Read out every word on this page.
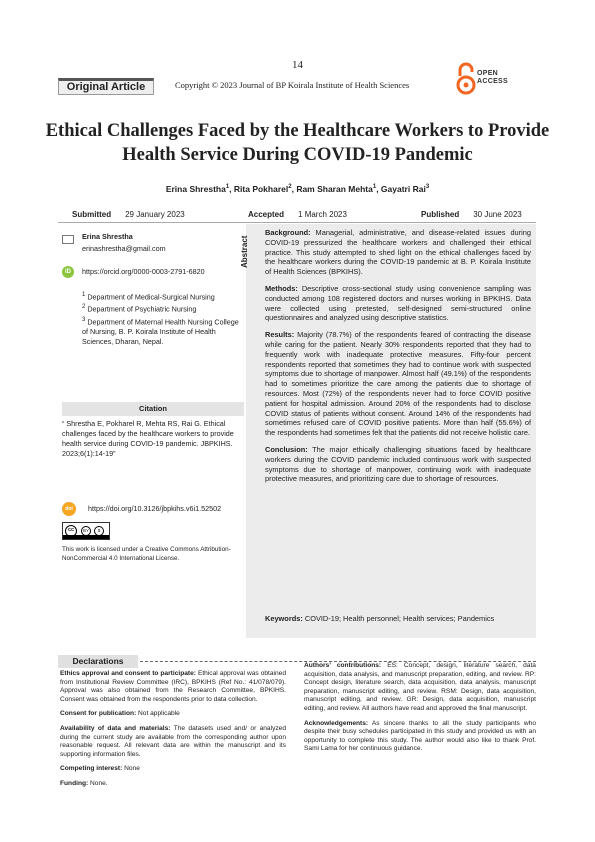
14
Original Article	Copyright © 2023 Journal of BP Koirala Institute of Health Sciences
OPEN
ACCESS
Ethical Challenges Faced by the Healthcare Workers to Provide Health Service During COVID-19 Pandemic
Erina Shrestha$^1$, Rita Pokharel$^2$, Ram Sharan Mehta$^1$, Gayatri Rai$^3$
Submitted 29 January 2023	Accepted 1 March 2023	Published 30 June 2023
Erina Shrestha
erinashrestha@gmail.com
iD	https://orcid.org/0000-0003-2791-6820
$^1$ Department of Medical-Surgical Nursing
$^2$ Department of Psychiatric Nursing
$^3$ Department of Maternal Health Nursing College of Nursing, B. P. Koirala Institute of Health Sciences, Dharan, Nepal.
Citation
“ Shrestha E, Pokharel R, Mehta RS, Rai G. Ethical challenges faced by the healthcare workers to provide health service during COVID-19 pandemic. JBPKIHS. 2023;6(1):14-19”
doi	https://doi.org/10.3126/jbpkihs.v6i1.52502
cc	BY	$
This work is licensed under a Creative Commons Attribution-NonCommercial 4.0 International License.
Abstract

Background: Managerial, administrative, and disease-related issues during COVID-19 pressurized the healthcare workers and challenged their ethical practice. This study attempted to shed light on the ethical challenges faced by the healthcare workers during the COVID-19 pandemic at B. P. Koirala Institute of Health Sciences (BPKIHS).

Methods: Descriptive cross-sectional study using convenience sampling was conducted among 108 registered doctors and nurses working in BPKIHS. Data were collected using pretested, self-designed semi-structured online questionnaires and analyzed using descriptive statistics.

Results: Majority (78.7%) of the respondents feared of contracting the disease while caring for the patient. Nearly 30% respondents reported that they had to frequently work with inadequate protective measures. Fifty-four percent respondents reported that sometimes they had to continue work with suspected symptoms due to shortage of manpower. Almost half (49.1%) of the respondents had to sometimes prioritize the care among the patients due to shortage of resources. Most (72%) of the respondents never had to force COVID positive patient for hospital admission. Around 20% of the respondents had to disclose COVID status of patients without consent. Around 14% of the respondents had sometimes refused care of COVID positive patients. More than half (55.6%) of the respondents had sometimes felt that the patients did not receive holistic care.

Conclusion: The major ethically challenging situations faced by healthcare workers during the COVID pandemic included continuous work with suspected symptoms due to shortage of manpower, continuing work with inadequate protective measures, and prioritizing care due to shortage of resources.

Keywords: COVID-19; Health personnel; Health services; Pandemics
Declarations

Ethics approval and consent to participate: Ethical approval was obtained from Institutional Review Committee (IRC), BPKIHS (Ref No.: 41/078/079). Approval was also obtained from the Research Committee, BPKIHS. Consent was obtained from the respondents prior to data collection.

Consent for publication: Not applicable

Availability of data and materials: The datasets used and/ or analyzed during the current study are available from the corresponding author upon reasonable request. All relevant data are within the manuscript and its supporting information files.

Competing interest: None

Funding: None.

Authors’ contributions: ES: Concept, design, literature search, data acquisition, data analysis, and manuscript preparation, editing, and review. RP: Concept design, literature search, data acquisition, data analysis, manuscript preparation, manuscript editing, and review. RSM: Design, data acquisition, manuscript editing, and review. GR: Design, data acquisition, manuscript editing, and review. All authors have read and approved the final manuscript.

Acknowledgements: As sincere thanks to all the study participants who despite their busy schedules participated in this study and provided us with an opportunity to complete this study. The author would also like to thank Prof. Sami Lama for her continuous guidance.
